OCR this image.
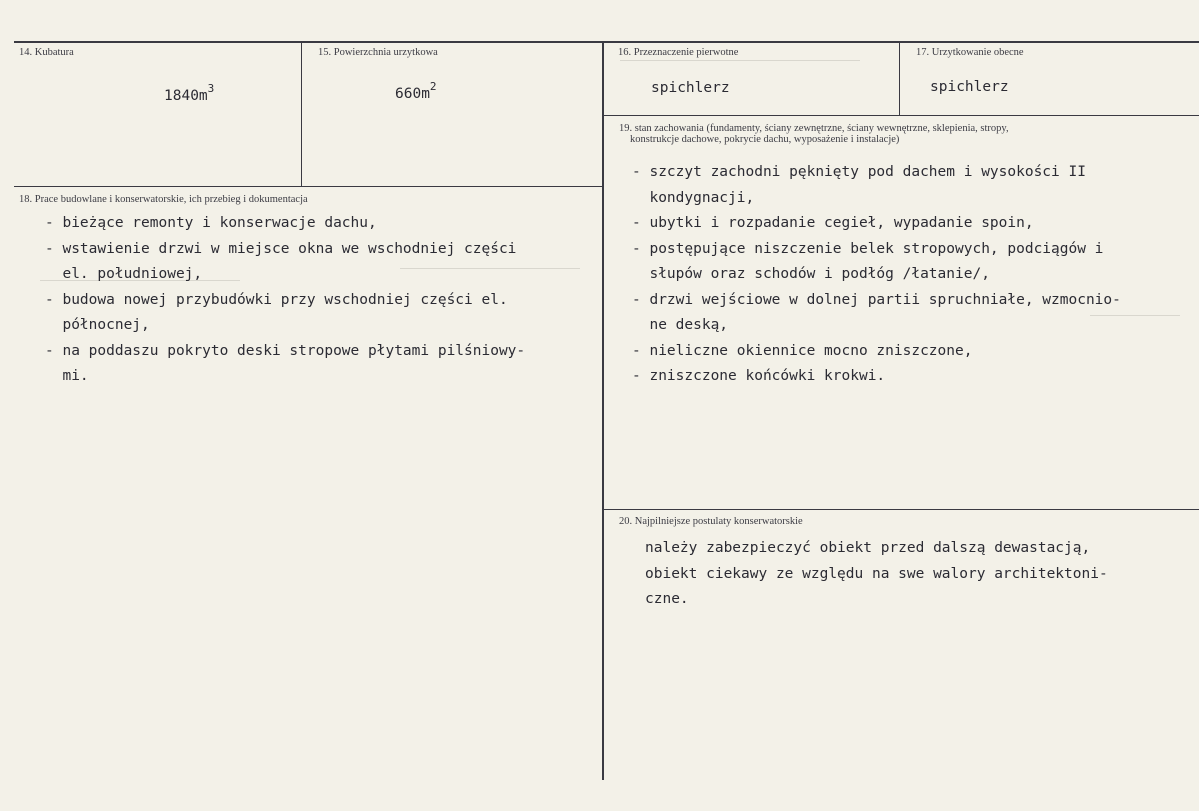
14. Kubatura
$1840m^3$
15. Powierzchnia urzytkowa
$660m^2$
16. Przeznaczenie pierwotne
spichlerz
17. Urzytkowanie obecne
spichlerz
19. stan zachowania (fundamenty, ściany zewnętrzne, ściany wewnętrzne, sklepienia, stropy,
konstrukcje dachowe, pokrycie dachu, wyposażenie i instalacje)
- szczyt zachodni pęknięty pod dachem i wysokości II
kondygnacji,
- ubytki i rozpadanie cegieł, wypadanie spoin,
- postępujące niszczenie belek stropowych, podciągów i
słupów oraz schodów i podłóg /łatanie/,
- drzwi wejściowe w dolnej partii spruchniałe, wzmocnio-
ne deską,
- nieliczne okiennice mocno zniszczone,
- zniszczone końcówki krokwi.
18. Prace budowlane i konserwatorskie, ich przebieg i dokumentacja
- bieżące remonty i konserwacje dachu,
- wstawienie drzwi w miejsce okna we wschodniej części
el. południowej,
- budowa nowej przybudówki przy wschodniej części el.
północnej,
- na poddaszu pokryto deski stropowe płytami pilśniowy-
mi.
20. Najpilniejsze postulaty konserwatorskie
należy zabezpieczyć obiekt przed dalszą dewastacją,
obiekt ciekawy ze względu na swe walory architektoni-
czne.
